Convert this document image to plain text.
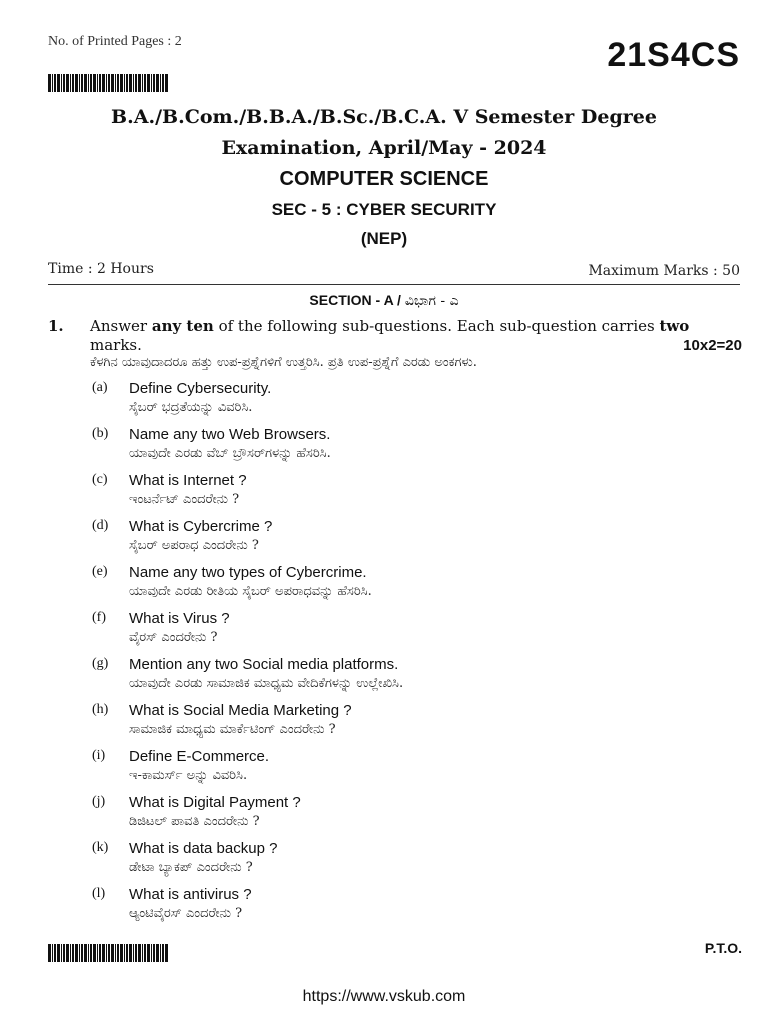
No. of Printed Pages : 2	21S4CS
B.A./B.Com./B.B.A./B.Sc./B.C.A. V Semester Degree
Examination, April/May - 2024
COMPUTER SCIENCE
SEC - 5 : CYBER SECURITY
(NEP)
Time : 2 Hours	Maximum Marks : 50
SECTION - A / ವಿಭಾಗ - ಎ
1. Answer any ten of the following sub-questions. Each sub-question carries two marks.	10x2=20
ಕೆಳಗಿನ ಯಾವುದಾದರೂ ಹತ್ತು ಉಪ-ಪ್ರಶ್ನೆಗಳಿಗೆ ಉತ್ತರಿಸಿ. ಪ್ರತಿ ಉಪ-ಪ್ರಶ್ನೆಗೆ ಎರಡು ಅಂಕಗಳು.
(a) Define Cybersecurity.
ಸೈಬರ್ ಭದ್ರತೆಯನ್ನು ವಿವರಿಸಿ.
(b) Name any two Web Browsers.
ಯಾವುದೇ ಎರಡು ವೆಬ್ ಬ್ರೌಸರ್‌ಗಳನ್ನು ಹೆಸರಿಸಿ.
(c) What is Internet ?
ಇಂಟರ್ನೆಟ್ ಎಂದರೇನು ?
(d) What is Cybercrime ?
ಸೈಬರ್ ಅಪರಾಧ ಎಂದರೇನು ?
(e) Name any two types of Cybercrime.
ಯಾವುದೇ ಎರಡು ರೀತಿಯ ಸೈಬರ್ ಅಪರಾಧವನ್ನು ಹೆಸರಿಸಿ.
(f) What is Virus ?
ವೈರಸ್ ಎಂದರೇನು ?
(g) Mention any two Social media platforms.
ಯಾವುದೇ ಎರಡು ಸಾಮಾಜಿಕ ಮಾಧ್ಯಮ ವೇದಿಕೆಗಳನ್ನು ಉಲ್ಲೇಖಿಸಿ.
(h) What is Social Media Marketing ?
ಸಾಮಾಜಿಕ ಮಾಧ್ಯಮ ಮಾರ್ಕೆಟಿಂಗ್ ಎಂದರೇನು ?
(i) Define E-Commerce.
ಇ-ಕಾಮರ್ಸ್ ಅನ್ನು ವಿವರಿಸಿ.
(j) What is Digital Payment ?
ಡಿಜಿಟಲ್ ಪಾವತಿ ಎಂದರೇನು ?
(k) What is data backup ?
ಡೇಟಾ ಬ್ಯಾಕಪ್ ಎಂದರೇನು ?
(l) What is antivirus ?
ಆ್ಯಂಟಿವೈರಸ್ ಎಂದರೇನು ?
P.T.O.
https://www.vskub.com
